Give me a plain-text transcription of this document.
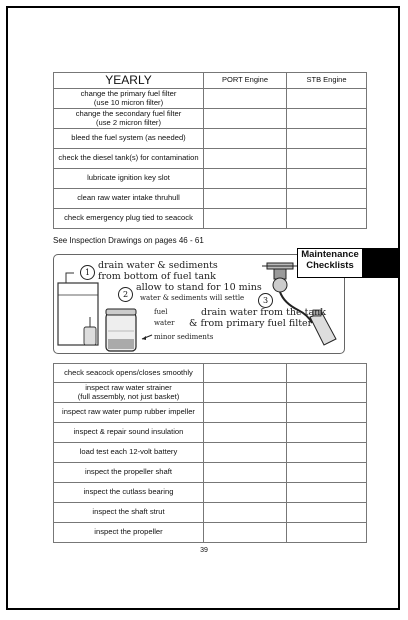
YEARLY	PORT Engine	STB Engine
change the primary fuel filter
(use 10 micron filter)		
change the secondary fuel filter
(use 2 micron filter)		
bleed the fuel system (as needed)		
check the diesel tank(s) for contamination		
lubricate ignition key slot		
clean raw water intake thruhull		
check emergency plug tied to seacock		
See Inspection Drawings on pages 46 - 61
1
drain water & sediments
from bottom of fuel tank
2
allow to stand for 10 mins
water & sediments will settle	3
drain water from the tank
& from primary fuel filter
fuel
water
minor sediments
Maintenance
Checklists
check seacock opens/closes smoothly		
inspect raw water strainer
(full assembly, not just basket)		
inspect raw water pump rubber impeller		
inspect & repair sound insulation		
load test each 12-volt battery		
inspect the propeller shaft		
inspect the cutlass bearing		
inspect the shaft strut		
inspect the propeller		
39
